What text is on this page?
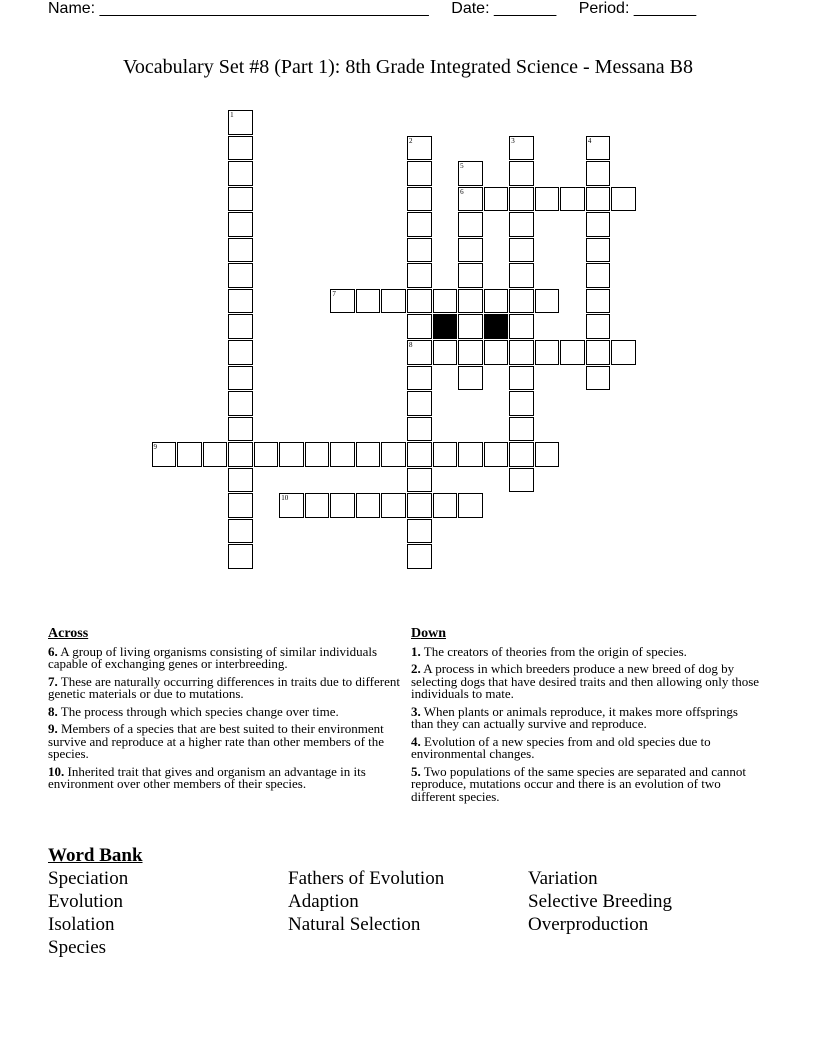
Name: _____________________________________ Date: _______ Period: _______
Vocabulary Set #8 (Part 1): 8th Grade Integrated Science - Messana B8
1
2
8
3	4
5
6
7
9
10
Across
6. A group of living organisms consisting of similar individuals capable of exchanging genes or interbreeding.
7. These are naturally occurring differences in traits due to different genetic materials or due to mutations.
8. The process through which species change over time.
9. Members of a species that are best suited to their environment survive and reproduce at a higher rate than other members of the species.
10. Inherited trait that gives and organism an advantage in its environment over other members of their species.
Down
1. The creators of theories from the origin of species.
2. A process in which breeders produce a new breed of dog by selecting dogs that have desired traits and then allowing only those individuals to mate.
3. When plants or animals reproduce, it makes more offsprings than they can actually survive and reproduce.
4. Evolution of a new species from and old species due to environmental changes.
5. Two populations of the same species are separated and cannot reproduce, mutations occur and there is an evolution of two different species.
Word Bank
Speciation
Evolution
Isolation
Species
Fathers of Evolution
Adaption
Natural Selection
Variation
Selective Breeding
Overproduction
